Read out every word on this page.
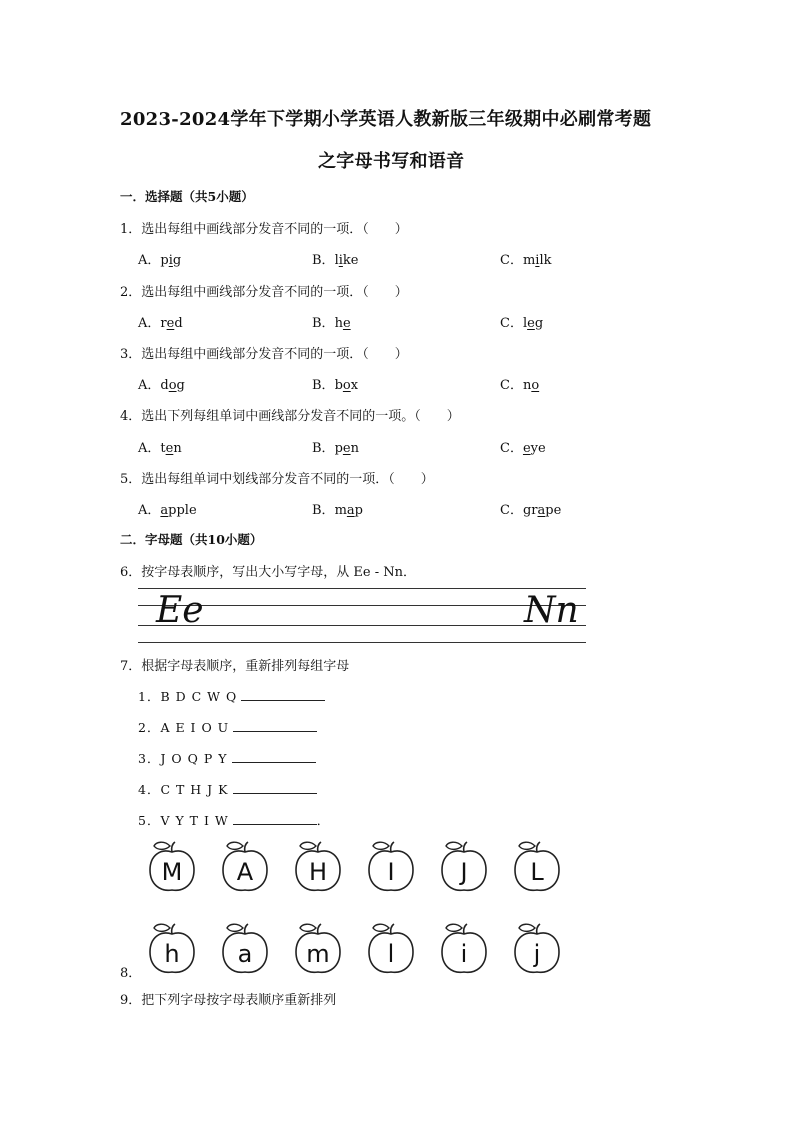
2023-2024学年下学期小学英语人教新版三年级期中必刷常考题
之字母书写和语音
一．选择题（共5小题）
1．选出每组中画线部分发音不同的一项．（　　）
A．pig	B．like	C．milk
2．选出每组中画线部分发音不同的一项．（　　）
A．red	B．he	C．leg
3．选出每组中画线部分发音不同的一项．（　　）
A．dog	B．box	C．no
4．选出下列每组单词中画线部分发音不同的一项。（　　）
A．ten	B．pen	C．eye
5．选出每组单词中划线部分发音不同的一项．（　　）
A．apple	B．map	C．grape
二．字母题（共10小题）
6．按字母表顺序，写出大小写字母，从 Ee - Nn．
Ee	Nn
7．根据字母表顺序，重新排列每组字母
1．B D C W Q
2．A E I O U
3．J O Q P Y
4．C T H J K
5．V Y T I W	．
8．
M A H	I	J	L
h a m l	i	j
9．把下列字母按字母表顺序重新排列
